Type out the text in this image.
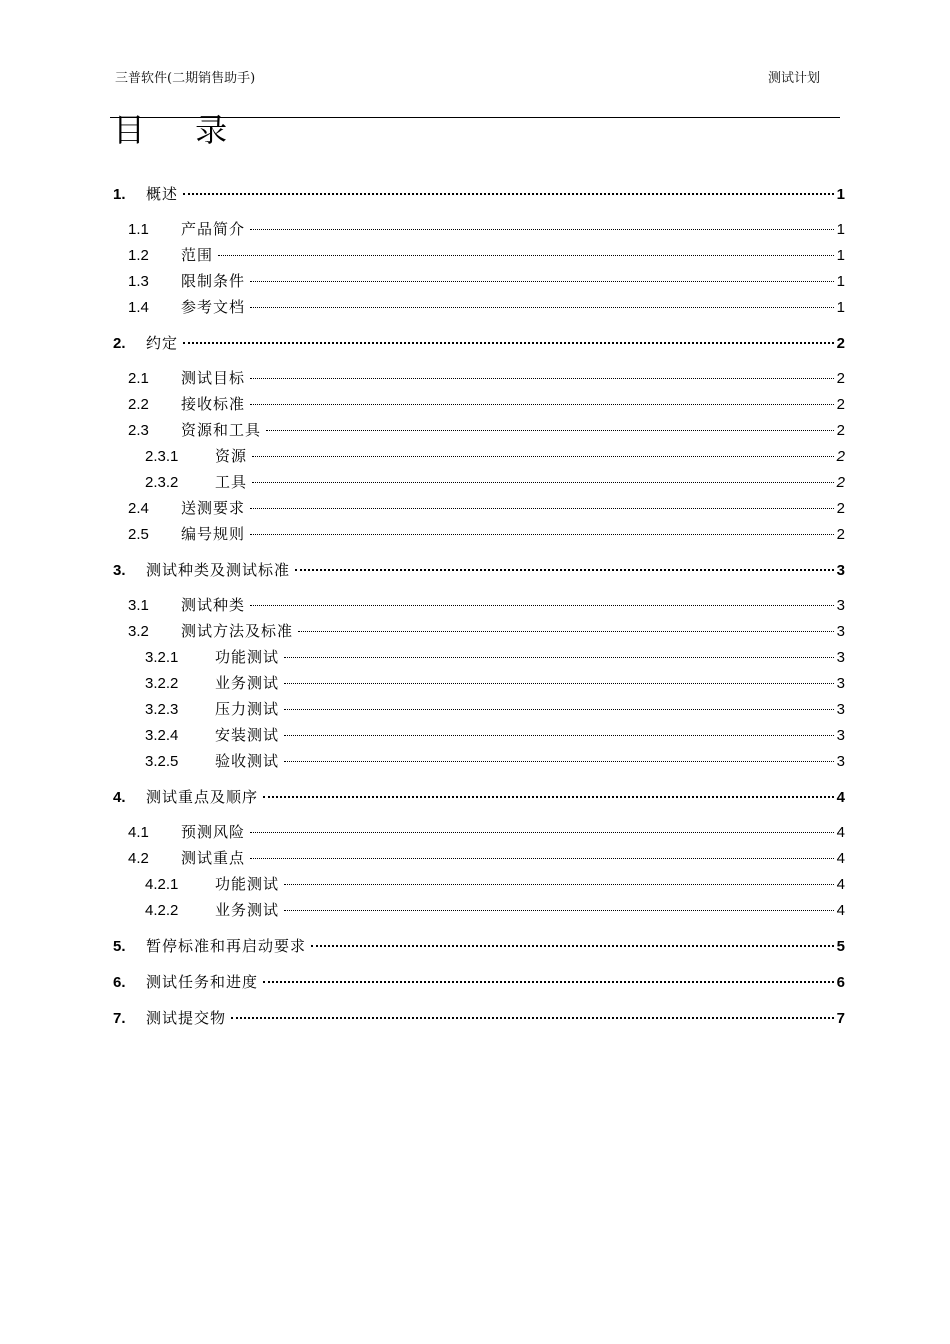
三普软件(二期销售助手)	测试计划
目 录
1.	概述	1
1.1	产品简介	1
1.2	范围	1
1.3	限制条件	1
1.4	参考文档	1
2.	约定	2
2.1	测试目标	2
2.2	接收标准	2
2.3	资源和工具	2
2.3.1	资源	2
2.3.2	工具	2
2.4	送测要求	2
2.5	编号规则	2
3.	测试种类及测试标准	3
3.1	测试种类	3
3.2	测试方法及标准	3
3.2.1	功能测试	3
3.2.2	业务测试	3
3.2.3	压力测试	3
3.2.4	安装测试	3
3.2.5	验收测试	3
4.	测试重点及顺序	4
4.1	预测风险	4
4.2	测试重点	4
4.2.1	功能测试	4
4.2.2	业务测试	4
5.	暂停标准和再启动要求	5
6.	测试任务和进度	6
7.	测试提交物	7
